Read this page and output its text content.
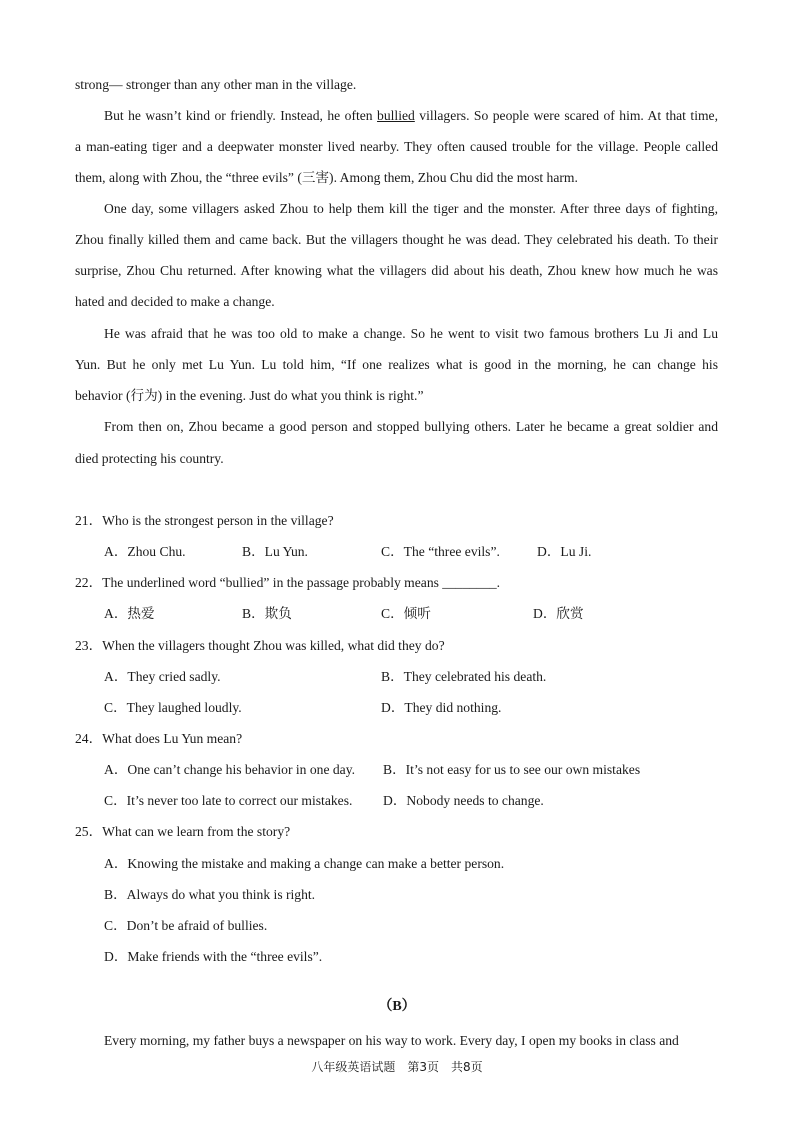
strong— stronger than any other man in the village.
But he wasn’t kind or friendly. Instead, he often bullied villagers. So people were scared of him. At that time,
a man-eating tiger and a deepwater monster lived nearby. They often caused trouble for the village. People called
them, along with Zhou, the “three evils” (三害). Among them, Zhou Chu did the most harm.
One day, some villagers asked Zhou to help them kill the tiger and the monster. After three days of fighting,
Zhou finally killed them and came back. But the villagers thought he was dead. They celebrated his death. To their
surprise, Zhou Chu returned. After knowing what the villagers did about his death, Zhou knew how much he was
hated and decided to make a change.
He was afraid that he was too old to make a change. So he went to visit two famous brothers Lu Ji and Lu
Yun. But he only met Lu Yun. Lu told him, “If one realizes what is good in the morning, he can change his
behavior (行为) in the evening. Just do what you think is right.”
From then on, Zhou became a good person and stopped bullying others. Later he became a great soldier and
died protecting his country.
21．Who is the strongest person in the village?
A．Zhou Chu.	B．Lu Yun.	C．The “three evils”.	D．Lu Ji.
22．The underlined word “bullied” in the passage probably means ________.
A．热爱	B．欺负	C．倾听	D．欣赏
23．When the villagers thought Zhou was killed, what did they do?
A．They cried sadly.	B．They celebrated his death.
C．They laughed loudly.	D．They did nothing.
24．What does Lu Yun mean?
A．One can’t change his behavior in one day. B．It’s not easy for us to see our own mistakes
C．It’s never too late to correct our mistakes. D．Nobody needs to change.
25．What can we learn from the story?
A．Knowing the mistake and making a change can make a better person.
B．Always do what you think is right.
C．Don’t be afraid of bullies.
D．Make friends with the “three evils”.
（B）
Every morning, my father buys a newspaper on his way to work. Every day, I open my books in class and
八年级英语试题　第3页　共8页
